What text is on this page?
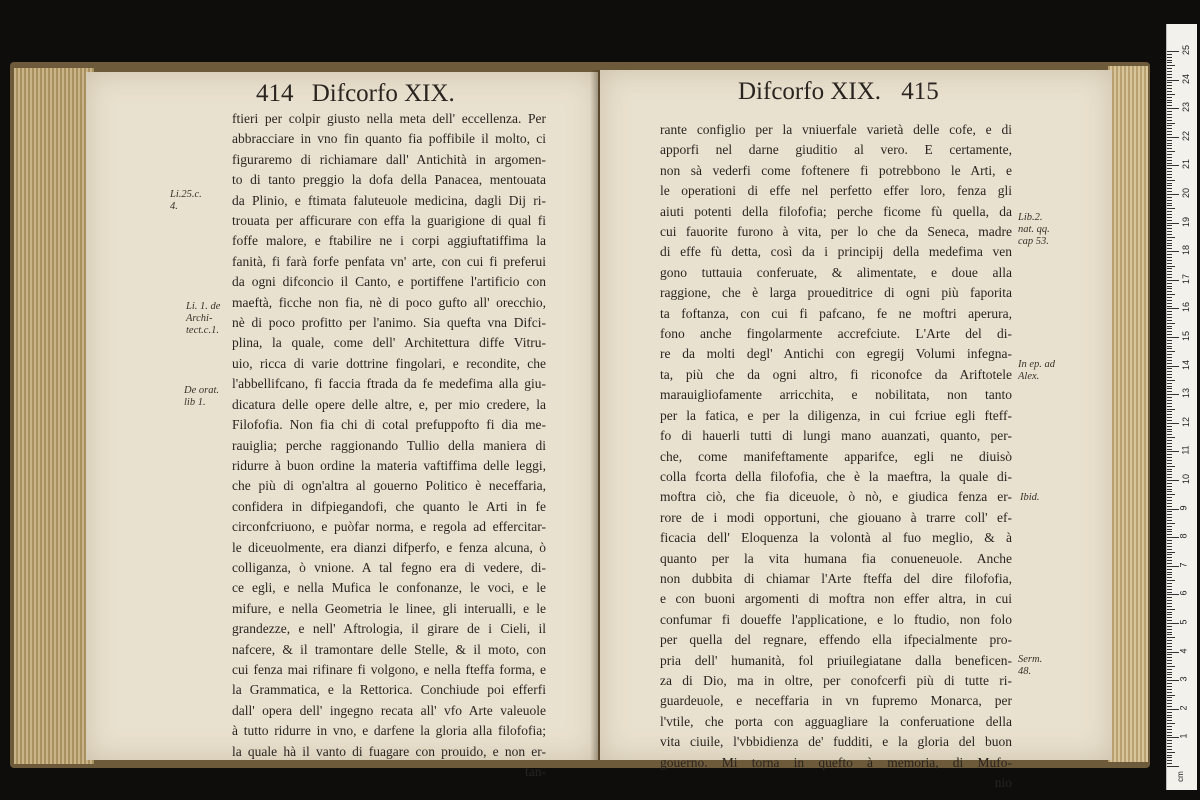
414 Difcorfo XIX.
ftieri per colpir giusto nella meta dell' eccellenza. Per
abbracciare in vno fin quanto fia poffibile il molto, ci
figuraremo di richiamare dall' Antichità in argomen-
to di tanto preggio la dofa della Panacea, mentouata
da Plinio, e ftimata faluteuole medicina, dagli Dij ri-
trouata per afficurare con effa la guarigione di qual fi
foffe malore, e ftabilire ne i corpi aggiuftatiffima la
fanità, fi farà forfe penfata vn' arte, con cui fi preferui
da ogni difconcio il Canto, e portiffene l'artificio con
maeftà, ficche non fia, nè di poco gufto all' orecchio,
nè di poco profitto per l'animo. Sia quefta vna Difci-
plina, la quale, come dell' Architettura diffe Vitru-
uio, ricca di varie dottrine fingolari, e recondite, che
l'abbellifcano, fi faccia ftrada da fe medefima alla giu-
dicatura delle opere delle altre, e, per mio credere, la
Filofofia. Non fia chi di cotal prefuppofto fi dia me-
rauiglia; perche raggionando Tullio della maniera di
ridurre à buon ordine la materia vaftiffima delle leggi,
che più di ogn'altra al gouerno Politico è neceffaria,
confidera in difpiegandofi, che quanto le Arti in fe
circonfcriuono, e puòfar norma, e regola ad effercitar-
le diceuolmente, era dianzi difperfo, e fenza alcuna, ò
colliganza, ò vnione. A tal fegno era di vedere, di-
ce egli, e nella Mufica le confonanze, le voci, e le
mifure, e nella Geometria le linee, gli interualli, e le
grandezze, e nell' Aftrologia, il girare de i Cieli, il
nafcere, & il tramontare delle Stelle, & il moto, con
cui fenza mai rifinare fi volgono, e nella fteffa forma, e
la Grammatica, e la Rettorica. Conchiude poi efferfi
dall' opera dell' ingegno recata all' vfo Arte valeuole
à tutto ridurre in vno, e darfene la gloria alla filofofia;
la quale hà il vanto di fuagare con prouido, e non er-
tan-
Li.25.c.
4.
Li. 1. de
Archi-
tect.c.1.
De orat.
lib 1.
Difcorfo XIX. 415
rante configlio per la vniuerfale varietà delle cofe, e di
apporfi nel darne giuditio al vero. E certamente,
non sà vederfi come foftenere fi potrebbono le Arti, e
le operationi di effe nel perfetto effer loro, fenza gli
aiuti potenti della filofofia; perche ficome fù quella, da
cui fauorite furono à vita, per lo che da Seneca, madre
di effe fù detta, così da i principij della medefima ven
gono tuttauia conferuate, & alimentate, e doue alla
raggione, che è larga proueditrice di ogni più faporita
ta foftanza, con cui fi pafcano, fe ne moftri aperura,
fono anche fingolarmente accrefciute. L'Arte del di-
re da molti degl' Antichi con egregij Volumi infegna-
ta, più che da ogni altro, fi riconofce da Ariftotele
marauigliofamente arricchita, e nobilitata, non tanto
per la fatica, e per la diligenza, in cui fcriue egli fteff-
fo di hauerli tutti di lungi mano auanzati, quanto, per-
che, come manifeftamente apparifce, egli ne diuisò
colla fcorta della filofofia, che è la maeftra, la quale di-
moftra ciò, che fia diceuole, ò nò, e giudica fenza er-
rore de i modi opportuni, che giouano à trarre coll' ef-
ficacia dell' Eloquenza la volontà al fuo meglio, & à
quanto per la vita humana fia conueneuole. Anche
non dubbita di chiamar l'Arte fteffa del dire filofofia,
e con buoni argomenti di moftra non effer altra, in cui
confumar fi doueffe l'applicatione, e lo ftudio, non folo
per quella del regnare, effendo ella ifpecialmente pro-
pria dell' humanità, fol priuilegiatane dalla beneficen-
za di Dio, ma in oltre, per conofcerfi più di tutte ri-
guardeuole, e neceffaria in vn fupremo Monarca, per
l'vtile, che porta con agguagliare la conferuatione della
vita ciuile, l'vbbidienza de' fudditi, e la gloria del buon
gouerno. Mi torna in quefto à memoria, di Mufo-
nio
Lib.2.
nat. qq.
cap 53.
In ep. ad
Alex.
Ibid.
Serm.
48.
cm
1
2
3
4
5
6
7
8
9
10
11
12
13
14
15
16
17
18
19
20
21
22
23
24
25
